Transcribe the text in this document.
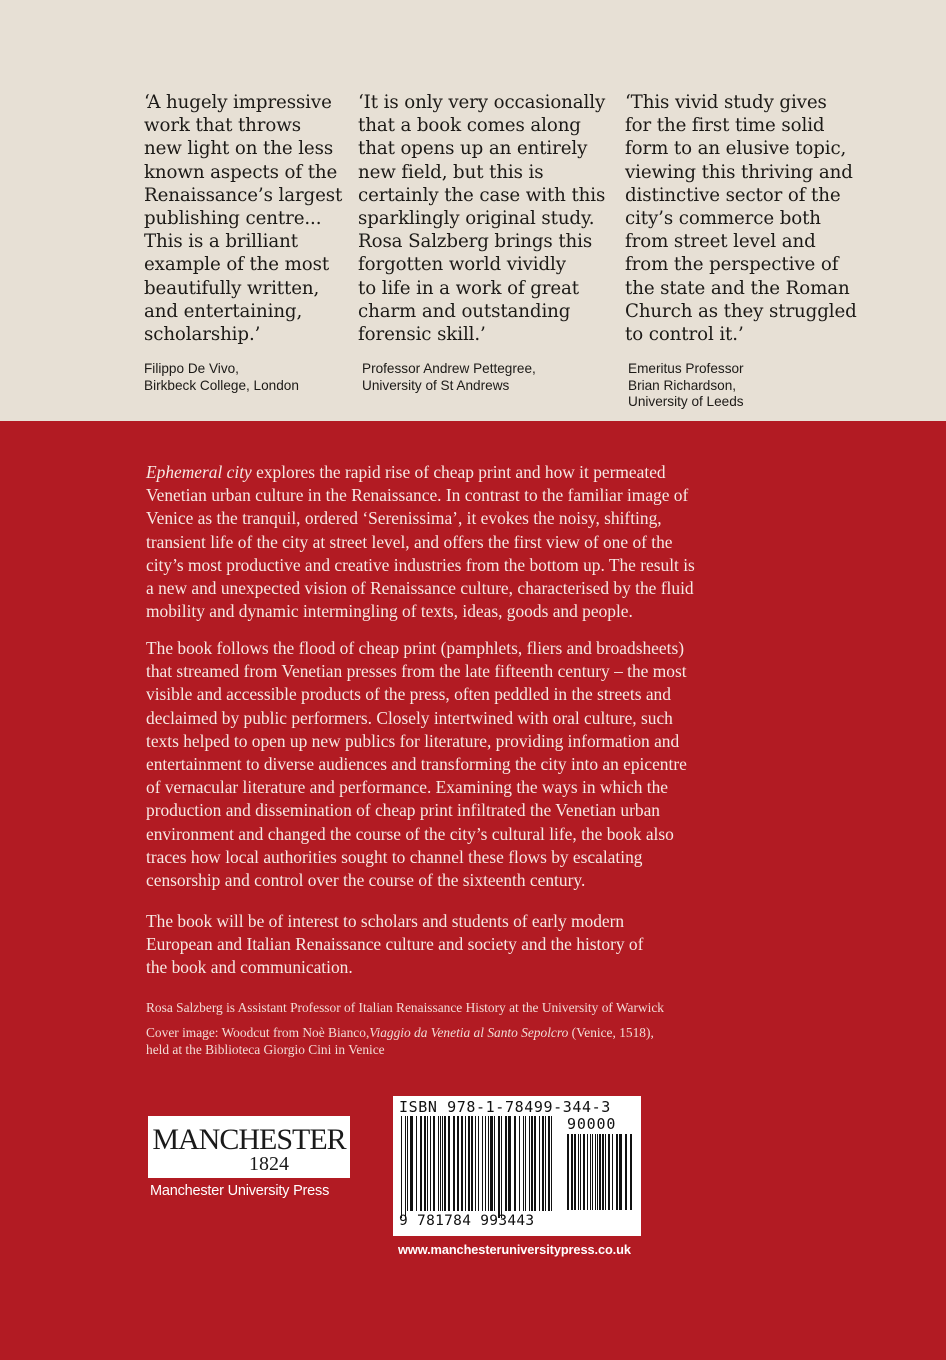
‘A hugely impressive
work that throws
new light on the less
known aspects of the
Renaissance’s largest
publishing centre...
This is a brilliant
example of the most
beautifully written,
and entertaining,
scholarship.’
Filippo De Vivo,
Birkbeck College, London
‘It is only very occasionally
that a book comes along
that opens up an entirely
new field, but this is
certainly the case with this
sparklingly original study.
Rosa Salzberg brings this
forgotten world vividly
to life in a work of great
charm and outstanding
forensic skill.’
Professor Andrew Pettegree,
University of St Andrews
‘This vivid study gives
for the first time solid
form to an elusive topic,
viewing this thriving and
distinctive sector of the
city’s commerce both
from street level and
from the perspective of
the state and the Roman
Church as they struggled
to control it.’
Emeritus Professor
Brian Richardson,
University of Leeds

Ephemeral city explores the rapid rise of cheap print and how it permeated
Venetian urban culture in the Renaissance. In contrast to the familiar image of
Venice as the tranquil, ordered ‘Serenissima’, it evokes the noisy, shifting,
transient life of the city at street level, and offers the first view of one of the
city’s most productive and creative industries from the bottom up. The result is
a new and unexpected vision of Renaissance culture, characterised by the fluid
mobility and dynamic intermingling of texts, ideas, goods and people.

The book follows the flood of cheap print (pamphlets, fliers and broadsheets)
that streamed from Venetian presses from the late fifteenth century – the most
visible and accessible products of the press, often peddled in the streets and
declaimed by public performers. Closely intertwined with oral culture, such
texts helped to open up new publics for literature, providing information and
entertainment to diverse audiences and transforming the city into an epicentre
of vernacular literature and performance. Examining the ways in which the
production and dissemination of cheap print infiltrated the Venetian urban
environment and changed the course of the city’s cultural life, the book also
traces how local authorities sought to channel these flows by escalating
censorship and control over the course of the sixteenth century.

The book will be of interest to scholars and students of early modern
European and Italian Renaissance culture and society and the history of
the book and communication.

Rosa Salzberg is Assistant Professor of Italian Renaissance History at the University of Warwick
Cover image: Woodcut from Noè Bianco,Viaggio da Venetia al Santo Sepolcro (Venice, 1518),
held at the Biblioteca Giorgio Cini in Venice
MANCHESTER
1824
Manchester University Press
ISBN 978-1-78499-344-3
90000
9 781784 993443
www.manchesteruniversitypress.co.uk
